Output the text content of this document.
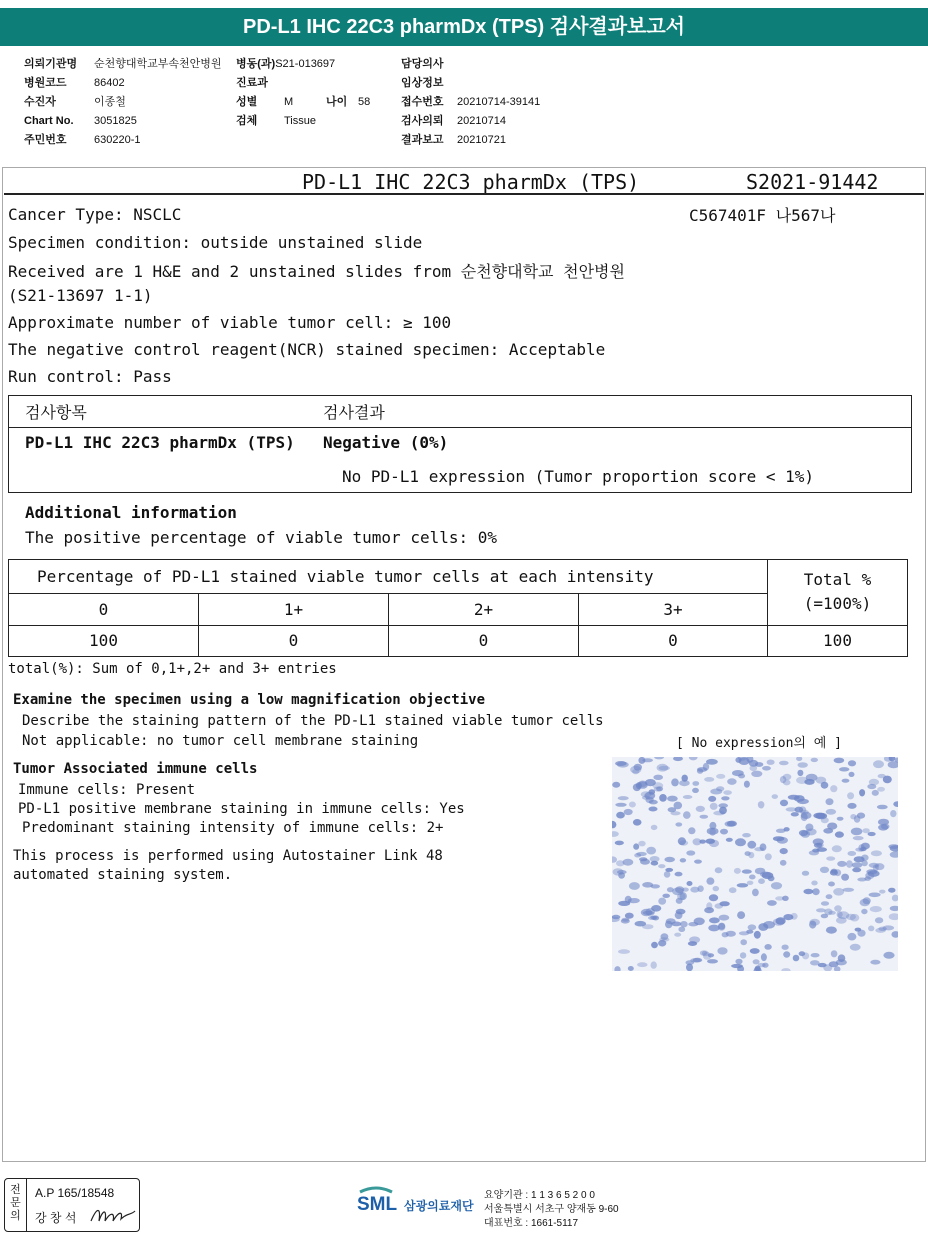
PD-L1 IHC 22C3 pharmDx (TPS) 검사결과보고서
의뢰기관명 순천향대학교부속천안병원
병원코드 86402
수진자	이종철
Chart No. 3051825
주민번호 630220-1
병동(과)S21-013697
진료과
성별 M	나이 58
검체 Tissue
담당의사
임상정보
접수번호 20210714-39141
검사의뢰 20210714
결과보고 20210721
PD-L1 IHC 22C3 pharmDx (TPS)	S2021-91442
Cancer Type: NSCLC	C567401F 나567나
Specimen condition: outside unstained slide
Received are 1 H&E and 2 unstained slides from 순천향대학교 천안병원
(S21-13697 1-1)
Approximate number of viable tumor cell: ≥ 100
The negative control reagent(NCR) stained specimen: Acceptable
Run control: Pass
검사항목	검사결과
PD-L1 IHC 22C3 pharmDx (TPS) Negative (0%)
No PD-L1 expression (Tumor proportion score < 1%)
Additional information
The positive percentage of viable tumor cells: 0%
Percentage of PD-L1 stained viable tumor cells at each intensity	Total %
(=100%)
0	1+	2+	3+
100	0	0	0	100
total(%): Sum of 0,1+,2+ and 3+ entries
Examine the specimen using a low magnification objective
Describe the staining pattern of the PD-L1 stained viable tumor cells
Not applicable: no tumor cell membrane staining	[ No expression의 예 ]
Tumor Associated immune cells
Immune cells: Present
PD-L1 positive membrane staining in immune cells: Yes
Predominant staining intensity of immune cells: 2+
This process is performed using Autostainer Link 48
automated staining system.
전문의
A.P 165/18548
강 창 석
SML 삼광의료재단
요양기관 : 1 1 3 6 5 2 0 0
서울특별시 서초구 양재동 9-60
대표번호 : 1661-5117
